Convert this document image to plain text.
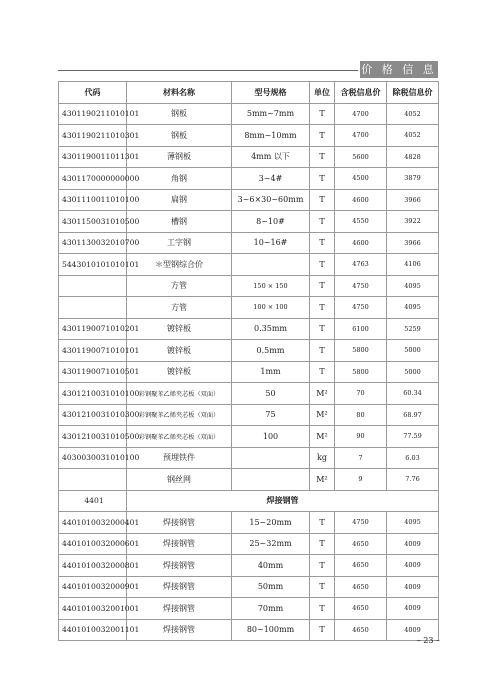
价 格 信 息
代码	材料名称	型号规格	单位	含税信息价	除税信息价
4301190211010101	钢板	5mm~7mm	T	4700	4052
4301190211010301	钢板	8mm~10mm	T	4700	4052
4301190011011301	薄钢板	4mm 以下	T	5600	4828
4301170000000000	角钢	3~4#	T	4500	3879
4301110011010100	扁钢	3~6×30~60mm	T	4600	3966
4301150031010500	槽钢	8~10#	T	4550	3922
4301130032010700	工字钢	10~16#	T	4600	3966
5443010101010101	＊型钢综合价		T	4763	4106
	方管	150 × 150	T	4750	4095
	方管	100 × 100	T	4750	4095
4301190071010201	镀锌板	0.35mm	T	6100	5259
4301190071010101	镀锌板	0.5mm	T	5800	5000
4301190071010501	镀锌板	1mm	T	5800	5000
4301210031010100	彩钢聚苯乙烯夹芯板（双面）	50	M²	70	60.34
4301210031010300	彩钢聚苯乙烯夹芯板（双面）	75	M²	80	68.97
4301210031010500	彩钢聚苯乙烯夹芯板（双面）	100	M²	90	77.59
4030030031010100	预埋铁件		kg	7	6.03
	钢丝网		M²	9	7.76
4401	焊接钢管				
4401010032000401	焊接钢管	15~20mm	T	4750	4095
4401010032000601	焊接钢管	25~32mm	T	4650	4009
4401010032000801	焊接钢管	40mm	T	4650	4009
4401010032000901	焊接钢管	50mm	T	4650	4009
4401010032001001	焊接钢管	70mm	T	4650	4009
4401010032001101	焊接钢管	80~100mm	T	4650	4009
– 23 –
